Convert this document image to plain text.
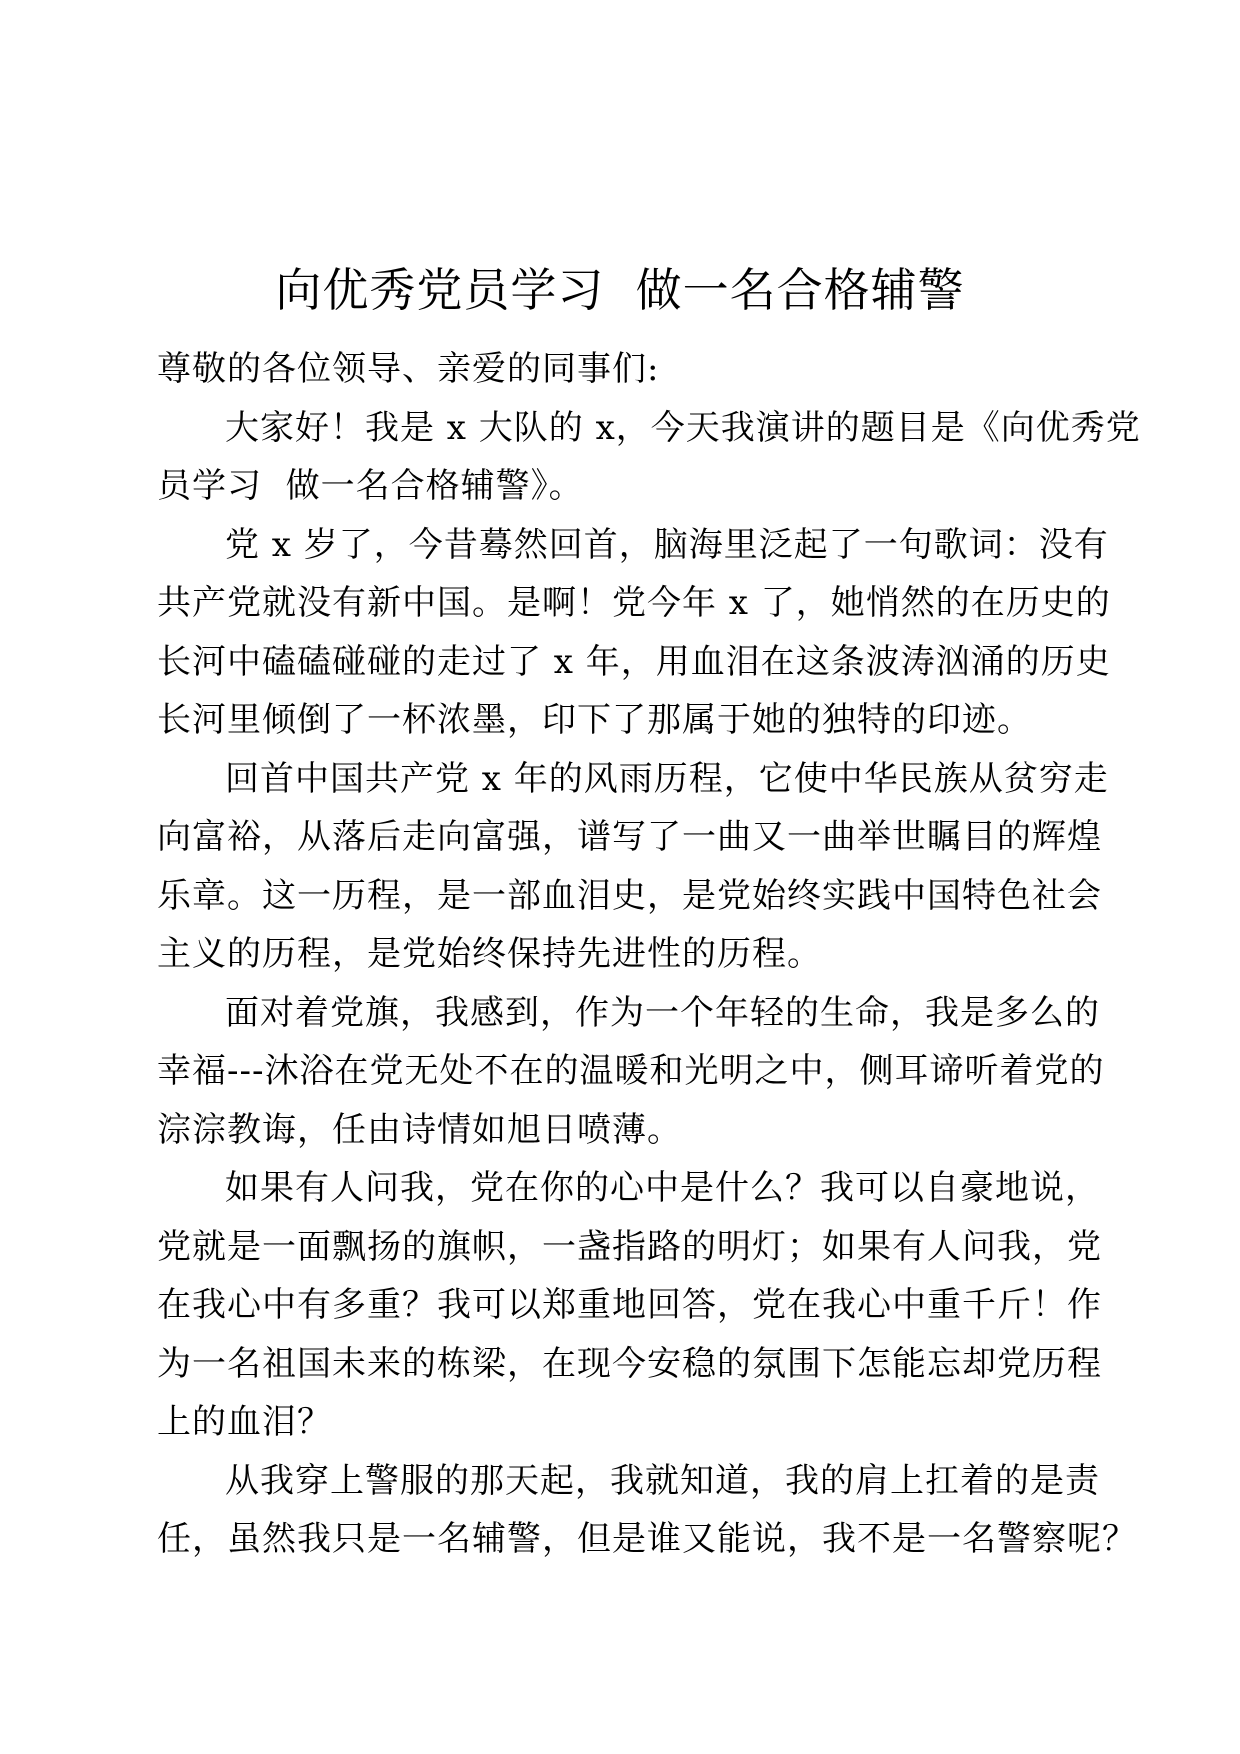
向优秀党员学习  做一名合格辅警
尊敬的各位领导、亲爱的同事们:
大家好！我是 x 大队的 x，今天我演讲的题目是《向优秀党
员学习  做一名合格辅警》。
党 x 岁了，今昔蓦然回首，脑海里泛起了一句歌词：没有
共产党就没有新中国。是啊！党今年 x 了，她悄然的在历史的
长河中磕磕碰碰的走过了 x 年，用血泪在这条波涛汹涌的历史
长河里倾倒了一杯浓墨，印下了那属于她的独特的印迹。
回首中国共产党 x 年的风雨历程，它使中华民族从贫穷走
向富裕，从落后走向富强，谱写了一曲又一曲举世瞩目的辉煌
乐章。这一历程，是一部血泪史，是党始终实践中国特色社会
主义的历程，是党始终保持先进性的历程。
面对着党旗，我感到，作为一个年轻的生命，我是多么的
幸福---沐浴在党无处不在的温暖和光明之中，侧耳谛听着党的
淙淙教诲，任由诗情如旭日喷薄。
如果有人问我，党在你的心中是什么？我可以自豪地说，
党就是一面飘扬的旗帜，一盏指路的明灯；如果有人问我，党
在我心中有多重？我可以郑重地回答，党在我心中重千斤！作
为一名祖国未来的栋梁，在现今安稳的氛围下怎能忘却党历程
上的血泪？
从我穿上警服的那天起，我就知道，我的肩上扛着的是责
任，虽然我只是一名辅警，但是谁又能说，我不是一名警察呢？
